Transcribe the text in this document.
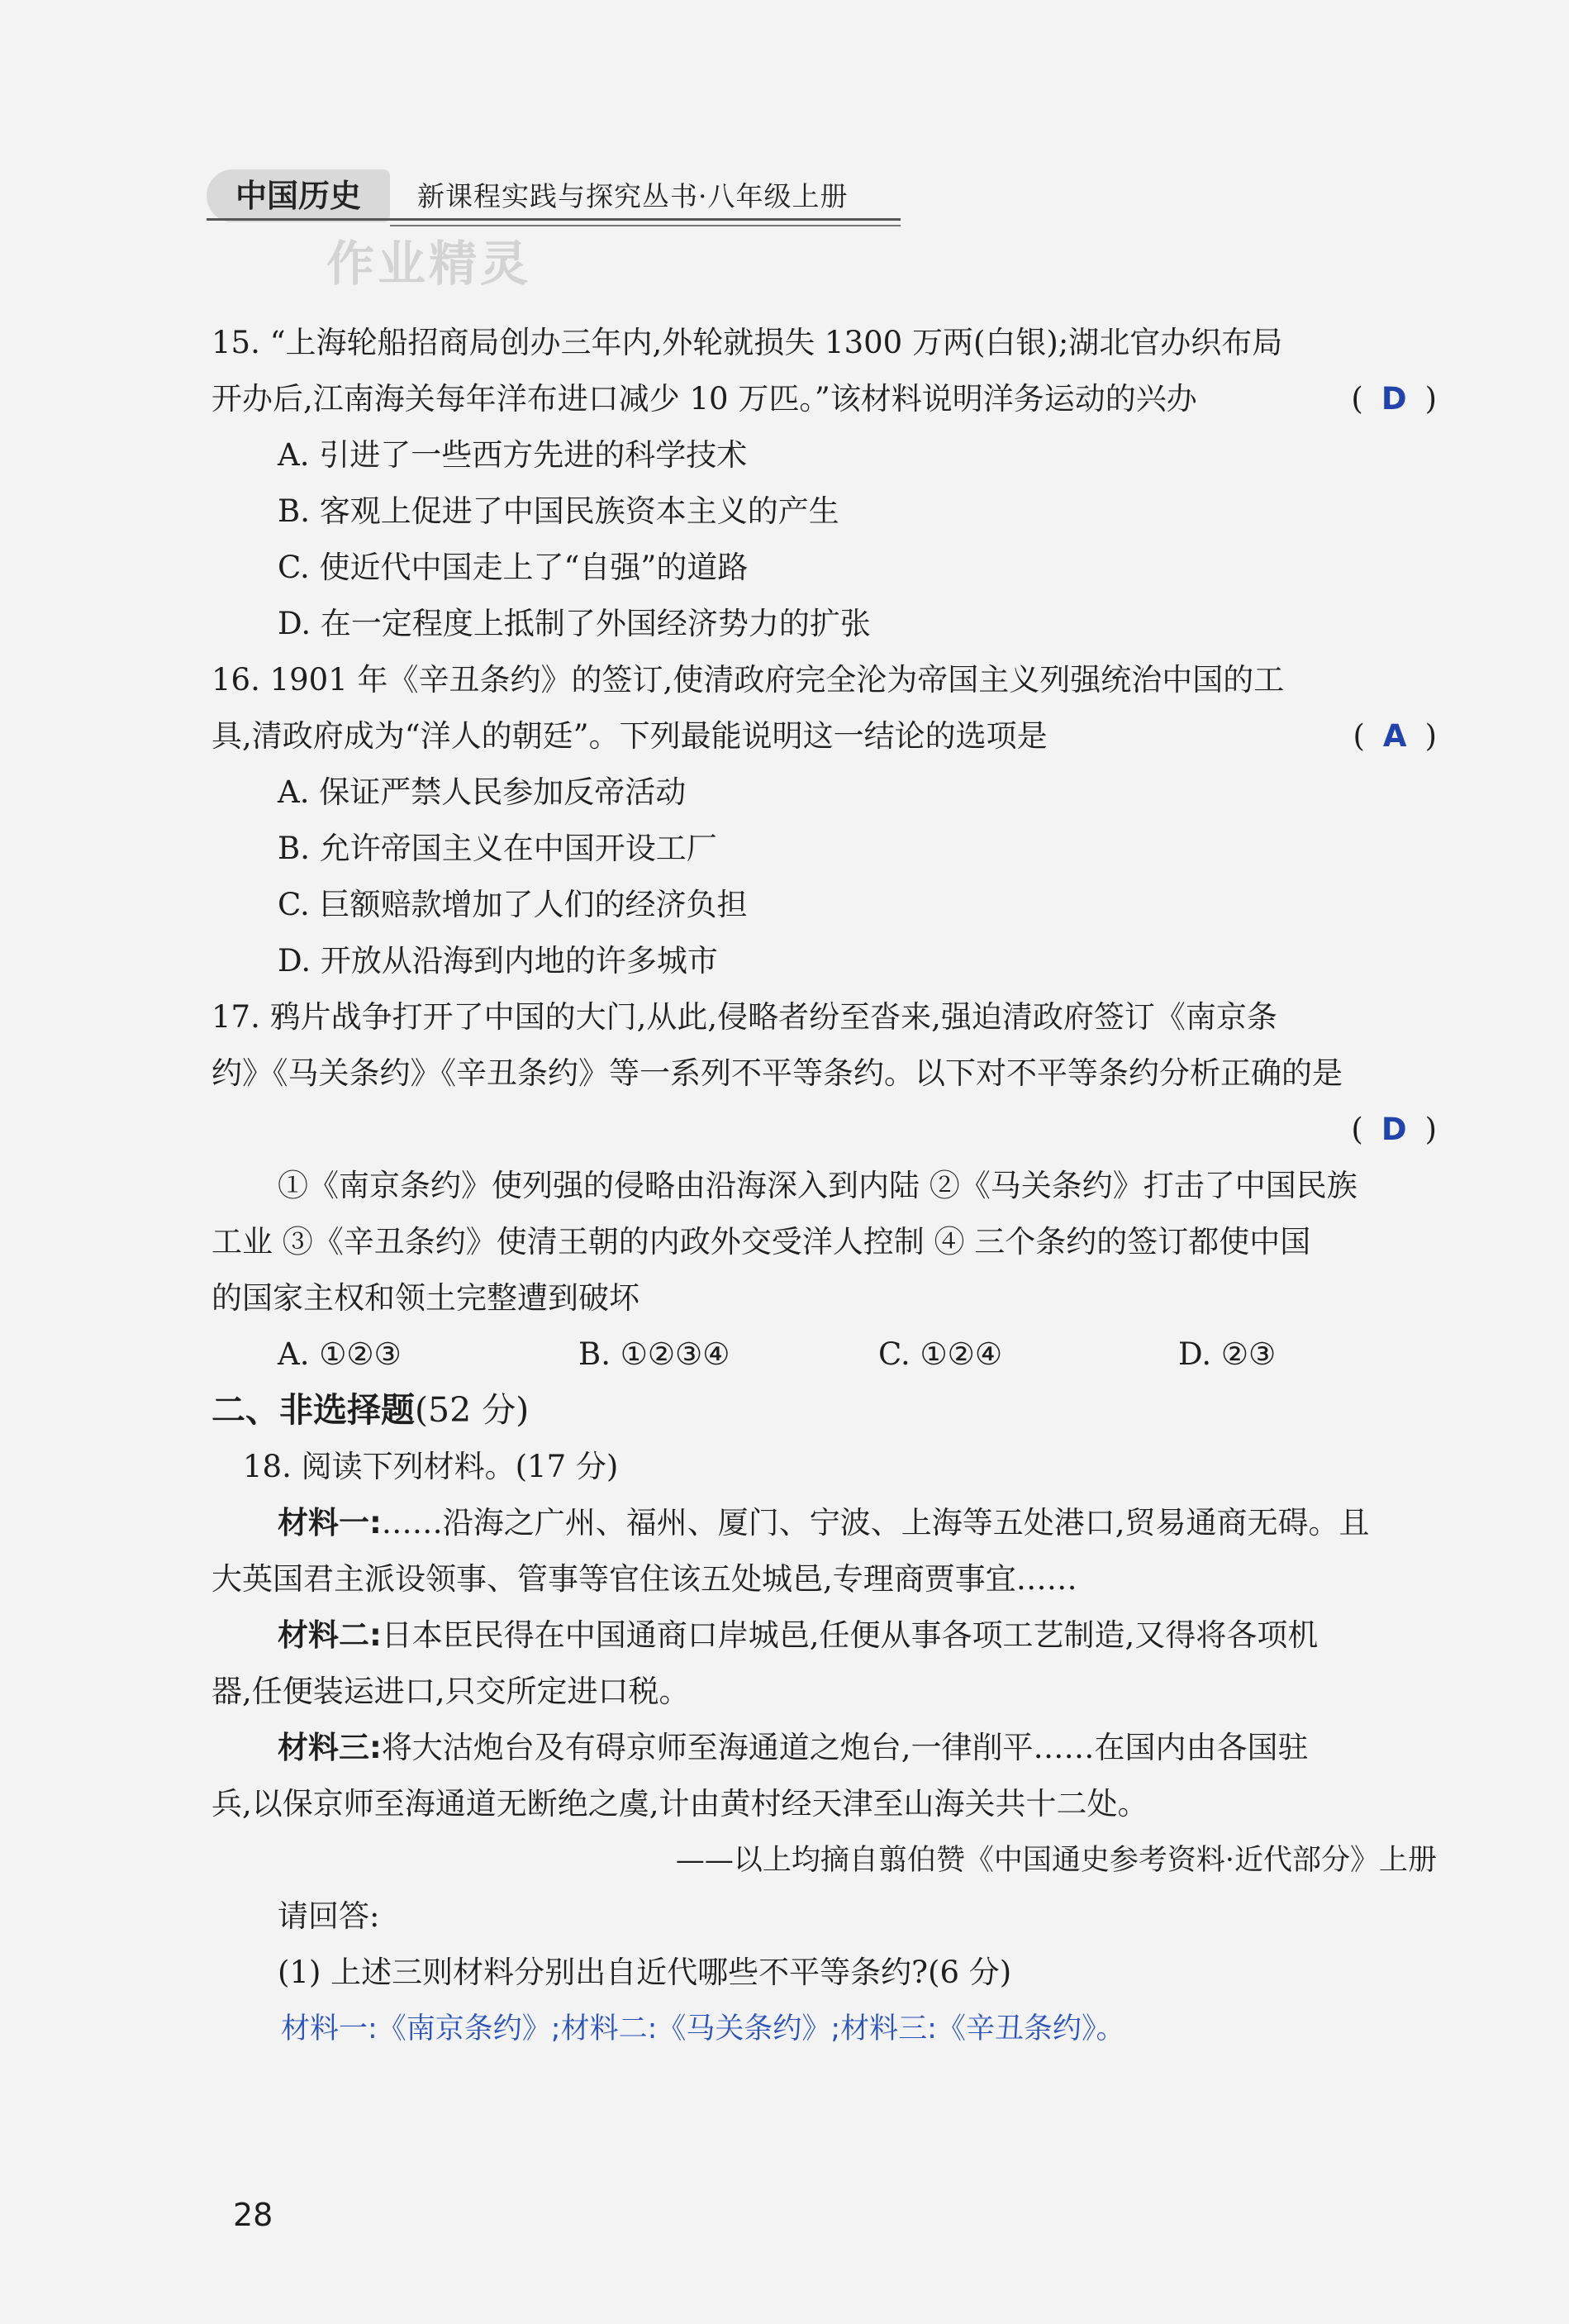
中国历史	新课程实践与探究丛书·八年级上册
作业精灵
15. “上海轮船招商局创办三年内,外轮就损失 1300 万两(白银);湖北官办织布局
开办后,江南海关每年洋布进口减少 10 万匹。”该材料说明洋务运动的兴办	( D )
A. 引进了一些西方先进的科学技术
B. 客观上促进了中国民族资本主义的产生
C. 使近代中国走上了“自强”的道路
D. 在一定程度上抵制了外国经济势力的扩张
16. 1901 年《辛丑条约》的签订,使清政府完全沦为帝国主义列强统治中国的工
具,清政府成为“洋人的朝廷”。下列最能说明这一结论的选项是	( A )
A. 保证严禁人民参加反帝活动
B. 允许帝国主义在中国开设工厂
C. 巨额赔款增加了人们的经济负担
D. 开放从沿海到内地的许多城市
17. 鸦片战争打开了中国的大门,从此,侵略者纷至沓来,强迫清政府签订《南京条
约》《马关条约》《辛丑条约》等一系列不平等条约。以下对不平等条约分析正确的是
( D )
①《南京条约》使列强的侵略由沿海深入到内陆 ②《马关条约》打击了中国民族
工业 ③《辛丑条约》使清王朝的内政外交受洋人控制 ④ 三个条约的签订都使中国
的国家主权和领土完整遭到破坏
A. ①②③	B. ①②③④	C. ①②④	D. ②③
二、非选择题(52 分)
18. 阅读下列材料。(17 分)
材料一:……沿海之广州、福州、厦门、宁波、上海等五处港口,贸易通商无碍。且
大英国君主派设领事、管事等官住该五处城邑,专理商贾事宜……
材料二:日本臣民得在中国通商口岸城邑,任便从事各项工艺制造,又得将各项机
器,任便装运进口,只交所定进口税。
材料三:将大沽炮台及有碍京师至海通道之炮台,一律削平……在国内由各国驻
兵,以保京师至海通道无断绝之虞,计由黄村经天津至山海关共十二处。
——以上均摘自翦伯赞《中国通史参考资料·近代部分》上册
请回答:
(1) 上述三则材料分别出自近代哪些不平等条约?(6 分)
材料一:《南京条约》;材料二:《马关条约》;材料三:《辛丑条约》。
28
